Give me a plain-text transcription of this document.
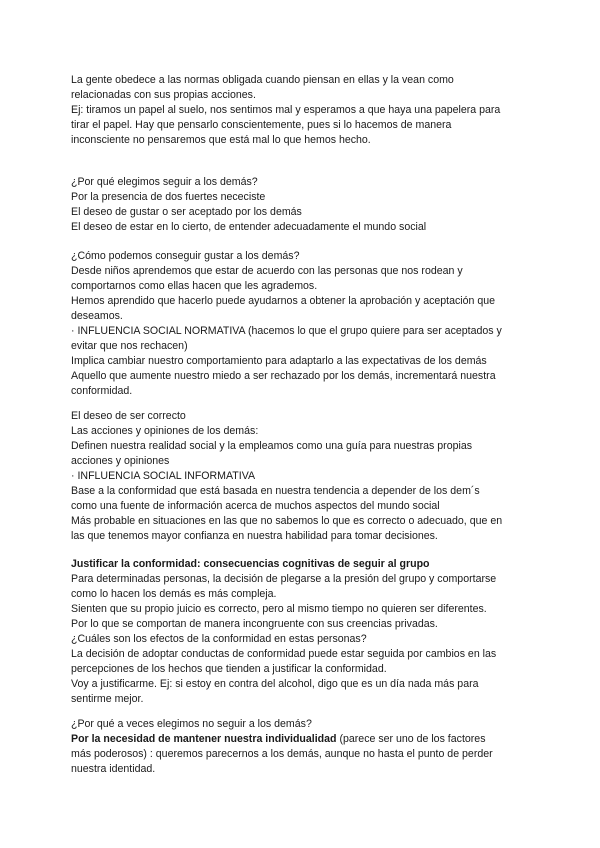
La gente obedece a las normas obligada cuando piensan en ellas y la vean como
relacionadas con sus propias acciones.
Ej: tiramos un papel al suelo, nos sentimos mal y esperamos a que haya una papelera para
tirar el papel. Hay que pensarlo conscientemente, pues si lo hacemos de manera
inconsciente no pensaremos que está mal lo que hemos hecho.
¿Por qué elegimos seguir a los demás?
Por la presencia de dos fuertes nececiste
El deseo de gustar o ser aceptado por los demás
El deseo de estar en lo cierto, de entender adecuadamente el mundo social
¿Cómo podemos conseguir gustar a los demás?
Desde niños aprendemos que estar de acuerdo con las personas que nos rodean y
comportarnos como ellas hacen que les agrademos.
Hemos aprendido que hacerlo puede ayudarnos a obtener la aprobación y aceptación que
deseamos.
· INFLUENCIA SOCIAL NORMATIVA (hacemos lo que el grupo quiere para ser aceptados y
evitar que nos rechacen)
Implica cambiar nuestro comportamiento para adaptarlo a las expectativas de los demás
Aquello que aumente nuestro miedo a ser rechazado por los demás, incrementará nuestra
conformidad.
El deseo de ser correcto
Las acciones y opiniones de los demás:
Definen nuestra realidad social y la empleamos como una guía para nuestras propias
acciones y opiniones
· INFLUENCIA SOCIAL INFORMATIVA
Base a la conformidad que está basada en nuestra tendencia a depender de los dem´s
como una fuente de información acerca de muchos aspectos del mundo social
Más probable en situaciones en las que no sabemos lo que es correcto o adecuado, que en
las que tenemos mayor confianza en nuestra habilidad para tomar decisiones.
Justificar la conformidad: consecuencias cognitivas de seguir al grupo
Para determinadas personas, la decisión de plegarse a la presión del grupo y comportarse
como lo hacen los demás es más compleja.
Sienten que su propio juicio es correcto, pero al mismo tiempo no quieren ser diferentes.
Por lo que se comportan de manera incongruente con sus creencias privadas.
¿Cuáles son los efectos de la conformidad en estas personas?
La decisión de adoptar conductas de conformidad puede estar seguida por cambios en las
percepciones de los hechos que tienden a justificar la conformidad.
Voy a justificarme. Ej: si estoy en contra del alcohol, digo que es un día nada más para
sentirme mejor.
¿Por qué a veces elegimos no seguir a los demás?
Por la necesidad de mantener nuestra individualidad (parece ser uno de los factores
más poderosos) : queremos parecernos a los demás, aunque no hasta el punto de perder
nuestra identidad.
